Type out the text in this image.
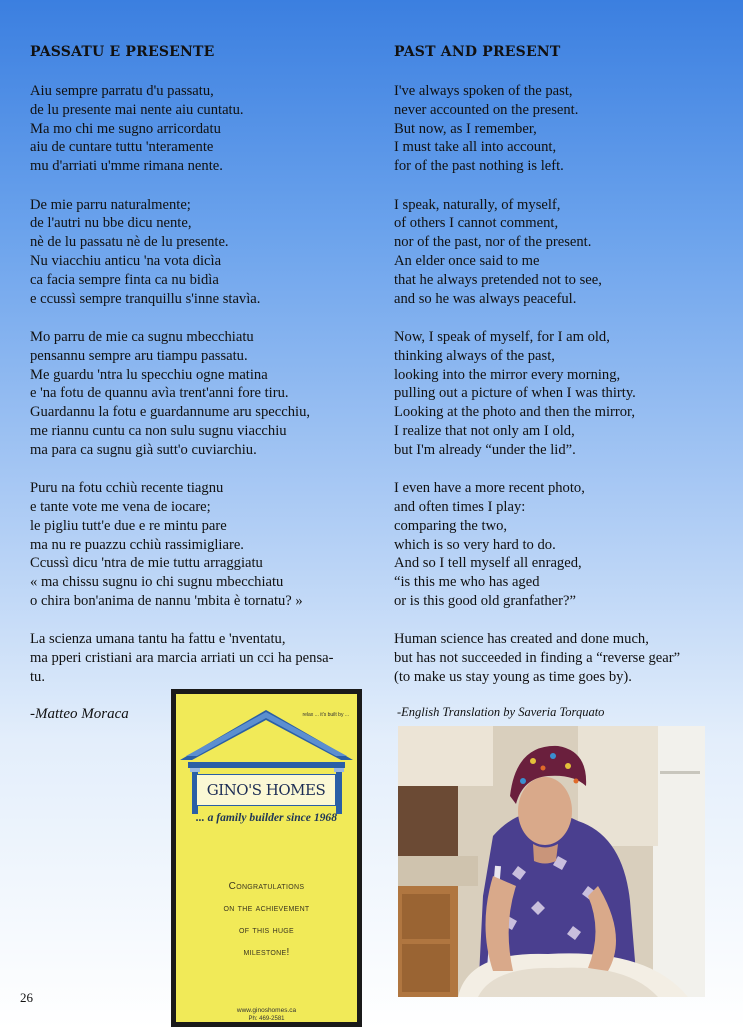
PASSATU E PRESENTE
Aiu sempre parratu d'u passatu,
de lu presente mai nente aiu cuntatu.
Ma mo chi me sugno arricordatu
aiu de cuntare tuttu 'nteramente
mu d'arriati u'mme rimana nente.
De mie parru naturalmente;
de l'autri nu bbe dicu nente,
nè de lu passatu nè de lu presente.
Nu viacchiu anticu 'na vota dicìa
ca facia sempre finta ca nu bidìa
e ccussì sempre tranquillu s'inne stavìa.
Mo parru de mie ca sugnu mbecchiatu
pensannu sempre aru tiampu passatu.
Me guardu 'ntra lu specchiu ogne matina
e 'na fotu de quannu avìa trent'anni fore tiru.
Guardannu la fotu e guardannume aru specchiu,
me riannu cuntu ca non sulu sugnu viacchiu
ma para ca sugnu già sutt'o cuviarchiu.
Puru na fotu cchiù recente tiagnu
e tante vote me vena de iocare;
le pigliu tutt'e due e re mintu pare
ma nu re puazzu cchiù rassimigliare.
Ccussì dicu 'ntra de mie tuttu arraggiatu
« ma chissu sugnu io chi sugnu mbecchiatu
o chira bon'anima de nannu 'mbita è tornatu? »
La scienza umana tantu ha fattu e 'nventatu,
ma pperi cristiani ara marcia arriati un cci ha pensa-
tu.
PAST AND PRESENT
I've always spoken of the past,
never accounted on the present.
But now, as I remember,
I must take all into account,
for of the past nothing is left.
I speak, naturally, of myself,
of others I cannot comment,
nor of the past, nor of the present.
An elder once said to me
that he always pretended not to see,
and so he was always peaceful.
Now, I speak of myself, for I am old,
thinking always of the past,
looking into the mirror every morning,
pulling out a picture of when I was thirty.
Looking at the photo and then the mirror,
I realize that not only am I old,
but I'm already “under the lid”.
I even have a more recent photo,
and often times I play:
comparing the two,
which is so very hard to do.
And so I tell myself all enraged,
“is this me who has aged
or is this good old granfather?”
Human science has created and done much,
but has not succeeded in finding a “reverse gear”
(to make us stay young as time goes by).
-Matteo Moraca	-English Translation by Saveria Torquato
relax ... it's built by ...
GINO'S HOMES
... a family builder since 1968
Congratulations
on the achievement
of this huge
milestone!
www.ginoshomes.ca
Ph: 469-2581
26
